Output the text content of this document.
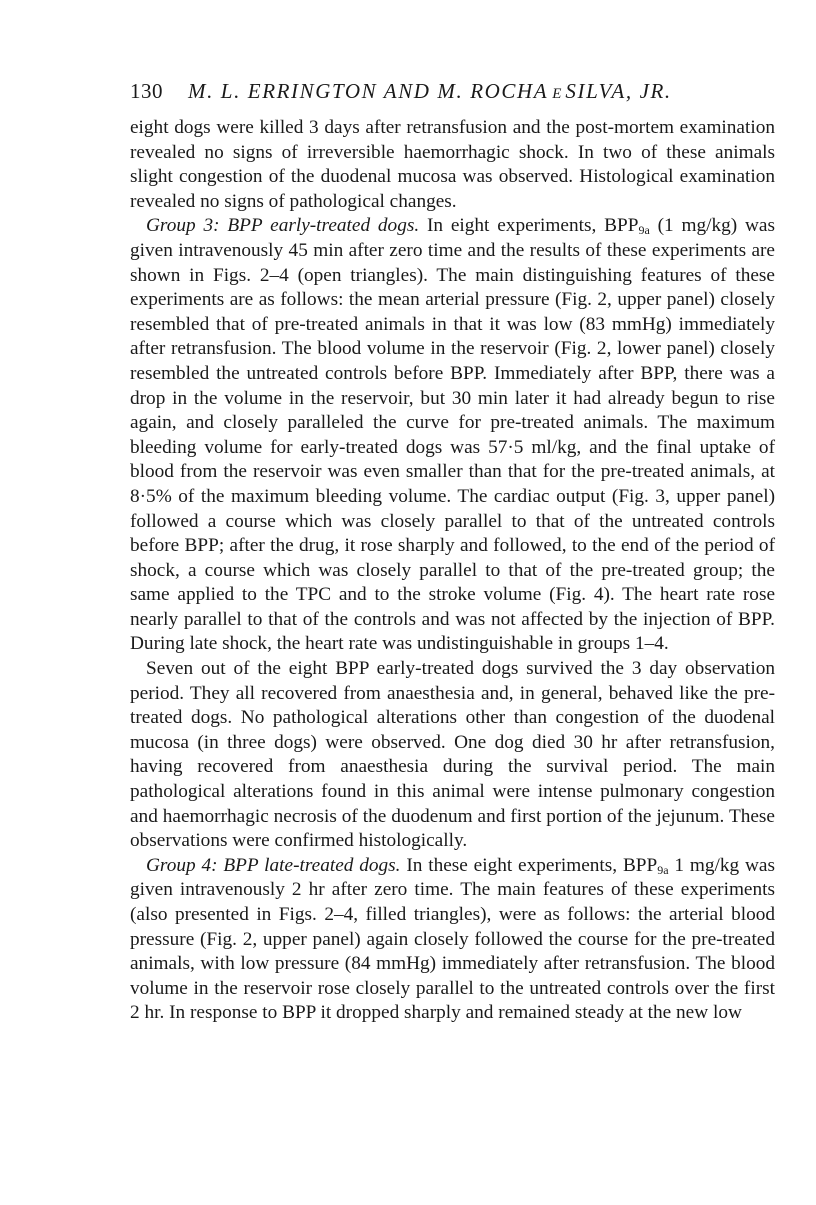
130	M. L. ERRINGTON AND M. ROCHA E SILVA, JR.

eight dogs were killed 3 days after retransfusion and the post-mortem examination revealed no signs of irreversible haemorrhagic shock. In two of these animals slight congestion of the duodenal mucosa was observed. Histological examination revealed no signs of pathological changes.

Group 3: BPP early-treated dogs. In eight experiments, $BPP_{9a}$ (1 mg/kg) was given intravenously 45 min after zero time and the results of these experiments are shown in Figs. 2–4 (open triangles). The main distinguishing features of these experiments are as follows: the mean arterial pressure (Fig. 2, upper panel) closely resembled that of pre-treated animals in that it was low (83 mmHg) immediately after retransfusion. The blood volume in the reservoir (Fig. 2, lower panel) closely resembled the untreated controls before BPP. Immediately after BPP, there was a drop in the volume in the reservoir, but 30 min later it had already begun to rise again, and closely paralleled the curve for pre-treated animals. The maximum bleeding volume for early-treated dogs was 57·5 ml/kg, and the final uptake of blood from the reservoir was even smaller than that for the pre-treated animals, at 8·5% of the maximum bleeding volume. The cardiac output (Fig. 3, upper panel) followed a course which was closely parallel to that of the untreated controls before BPP; after the drug, it rose sharply and followed, to the end of the period of shock, a course which was closely parallel to that of the pre-treated group; the same applied to the TPC and to the stroke volume (Fig. 4). The heart rate rose nearly parallel to that of the controls and was not affected by the injection of BPP. During late shock, the heart rate was undistinguishable in groups 1–4.

Seven out of the eight BPP early-treated dogs survived the 3 day observation period. They all recovered from anaesthesia and, in general, behaved like the pre-treated dogs. No pathological alterations other than congestion of the duodenal mucosa (in three dogs) were observed. One dog died 30 hr after retransfusion, having recovered from anaesthesia during the survival period. The main pathological alterations found in this animal were intense pulmonary congestion and haemorrhagic necrosis of the duodenum and first portion of the jejunum. These observations were confirmed histologically.

Group 4: BPP late-treated dogs. In these eight experiments, $BPP_{9a}$ 1 mg/kg was given intravenously 2 hr after zero time. The main features of these experiments (also presented in Figs. 2–4, filled triangles), were as follows: the arterial blood pressure (Fig. 2, upper panel) again closely followed the course for the pre-treated animals, with low pressure (84 mmHg) immediately after retransfusion. The blood volume in the reservoir rose closely parallel to the untreated controls over the first 2 hr. In response to BPP it dropped sharply and remained steady at the new low
